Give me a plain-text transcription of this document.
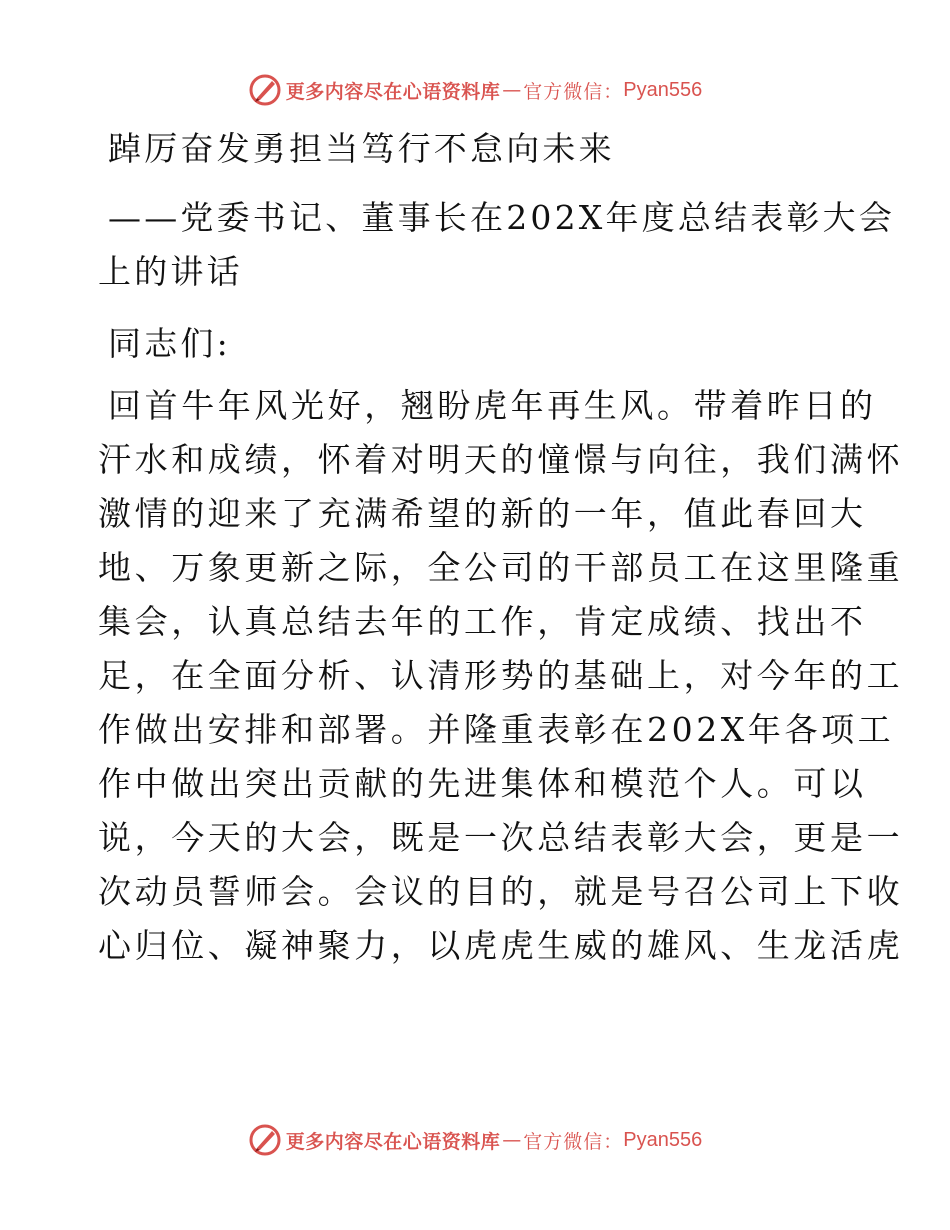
更多内容尽在心语资料库 — 官方微信： Pyan556
踔厉奋发勇担当笃行不怠向未来
——党委书记、董事长在202X年度总结表彰大会
上的讲话
同志们:
回首牛年风光好，翘盼虎年再生风。带着昨日的
汗水和成绩，怀着对明天的憧憬与向往，我们满怀
激情的迎来了充满希望的新的一年，值此春回大
地、万象更新之际，全公司的干部员工在这里隆重
集会，认真总结去年的工作，肯定成绩、找出不
足，在全面分析、认清形势的基础上，对今年的工
作做出安排和部署。并隆重表彰在202X年各项工
作中做出突出贡献的先进集体和模范个人。可以
说，今天的大会，既是一次总结表彰大会，更是一
次动员誓师会。会议的目的，就是号召公司上下收
心归位、凝神聚力，以虎虎生威的雄风、生龙活虎
更多内容尽在心语资料库 — 官方微信： Pyan556
